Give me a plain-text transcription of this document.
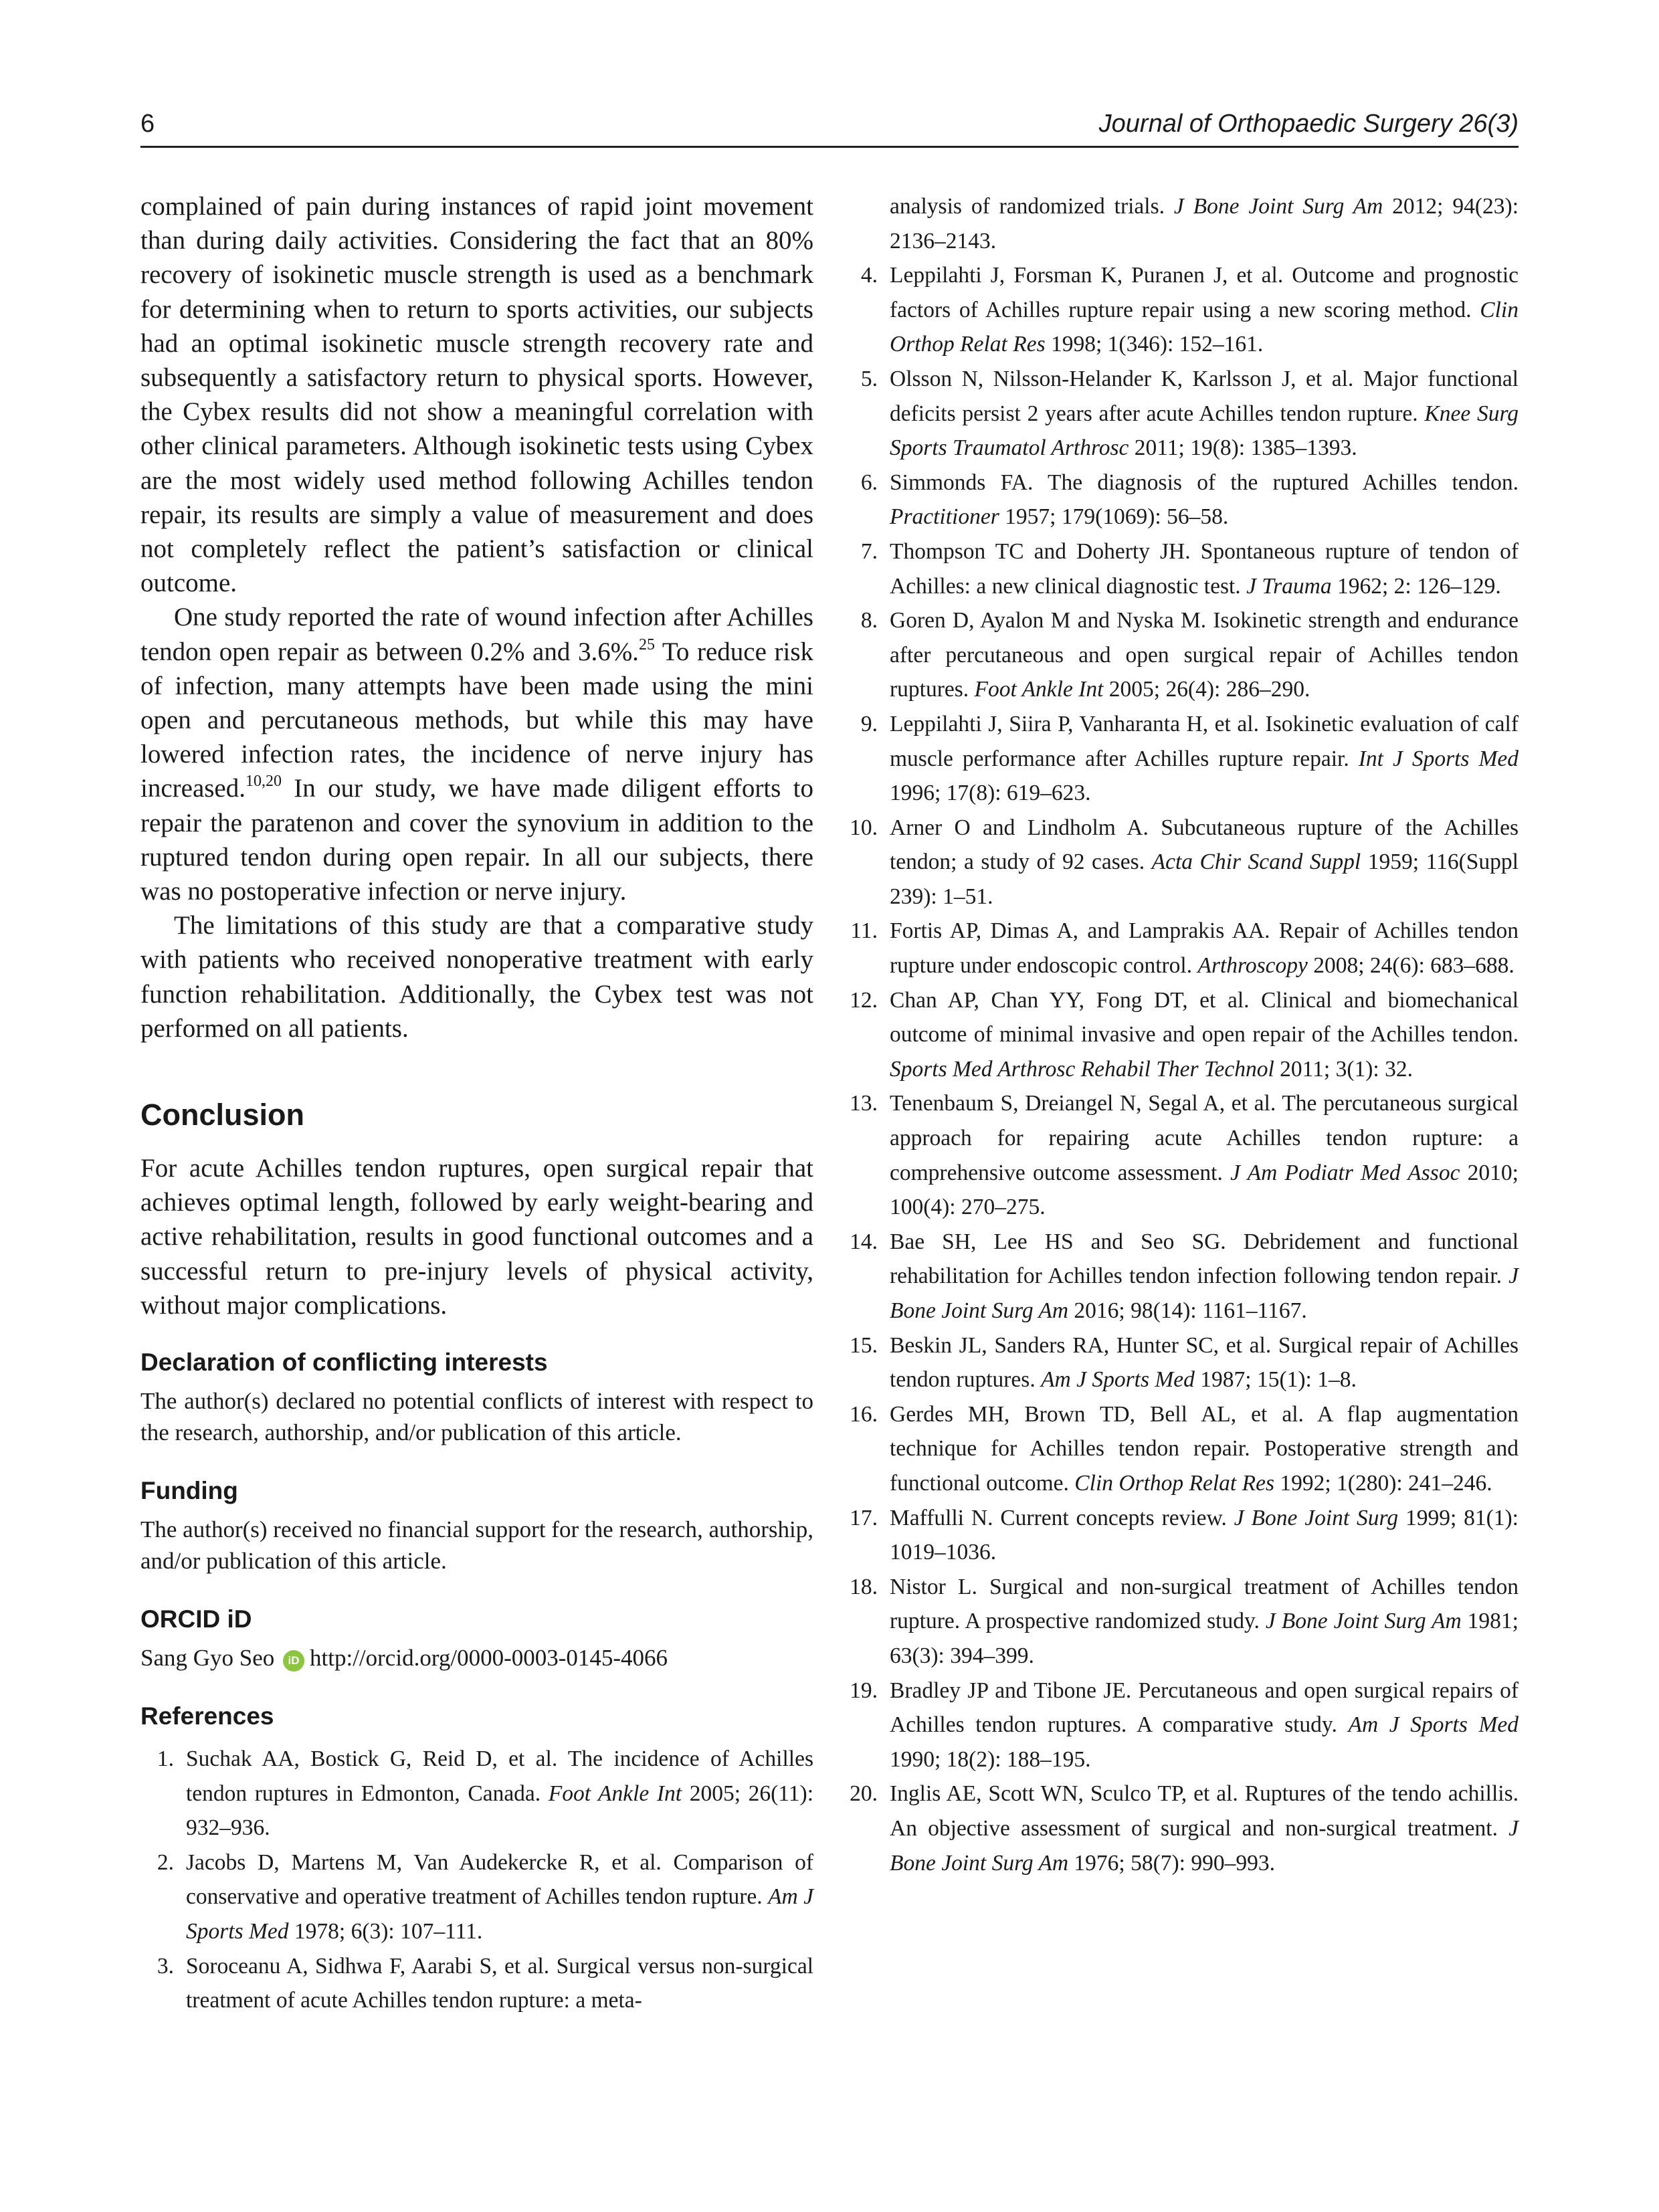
6	Journal of Orthopaedic Surgery 26(3)

complained of pain during instances of rapid joint movement than during daily activities. Considering the fact that an 80% recovery of isokinetic muscle strength is used as a benchmark for determining when to return to sports activities, our subjects had an optimal isokinetic muscle strength recovery rate and subsequently a satisfactory return to physical sports. However, the Cybex results did not show a meaningful correlation with other clinical parameters. Although isokinetic tests using Cybex are the most widely used method following Achilles tendon repair, its results are simply a value of measurement and does not completely reflect the patient’s satisfaction or clinical outcome.

One study reported the rate of wound infection after Achilles tendon open repair as between 0.2% and 3.6%.$^{25}$ To reduce risk of infection, many attempts have been made using the mini open and percutaneous methods, but while this may have lowered infection rates, the incidence of nerve injury has increased.$^{10,20}$ In our study, we have made diligent efforts to repair the paratenon and cover the synovium in addition to the ruptured tendon during open repair. In all our subjects, there was no postoperative infection or nerve injury.

The limitations of this study are that a comparative study with patients who received nonoperative treatment with early function rehabilitation. Additionally, the Cybex test was not performed on all patients.

Conclusion

For acute Achilles tendon ruptures, open surgical repair that achieves optimal length, followed by early weight-bearing and active rehabilitation, results in good functional outcomes and a successful return to pre-injury levels of physical activity, without major complications.

Declaration of conflicting interests

The author(s) declared no potential conflicts of interest with respect to the research, authorship, and/or publication of this article.

Funding

The author(s) received no financial support for the research, authorship, and/or publication of this article.

ORCID iD

Sang Gyo Seo iD http://orcid.org/0000-0003-0145-4066

References
1. Suchak AA, Bostick G, Reid D, et al. The incidence of Achilles tendon ruptures in Edmonton, Canada. Foot Ankle Int 2005; 26(11): 932–936.
2. Jacobs D, Martens M, Van Audekercke R, et al. Comparison of conservative and operative treatment of Achilles tendon rupture. Am J Sports Med 1978; 6(3): 107–111.
3. Soroceanu A, Sidhwa F, Aarabi S, et al. Surgical versus non-surgical treatment of acute Achilles tendon rupture: a meta-

analysis of randomized trials. J Bone Joint Surg Am 2012; 94(23): 2136–2143.

4. Leppilahti J, Forsman K, Puranen J, et al. Outcome and prognostic factors of Achilles rupture repair using a new scoring method. Clin Orthop Relat Res 1998; 1(346): 152–161.
5. Olsson N, Nilsson-Helander K, Karlsson J, et al. Major functional deficits persist 2 years after acute Achilles tendon rupture. Knee Surg Sports Traumatol Arthrosc 2011; 19(8): 1385–1393.
6. Simmonds FA. The diagnosis of the ruptured Achilles tendon. Practitioner 1957; 179(1069): 56–58.
7. Thompson TC and Doherty JH. Spontaneous rupture of tendon of Achilles: a new clinical diagnostic test. J Trauma 1962; 2: 126–129.
8. Goren D, Ayalon M and Nyska M. Isokinetic strength and endurance after percutaneous and open surgical repair of Achilles tendon ruptures. Foot Ankle Int 2005; 26(4): 286–290.
9. Leppilahti J, Siira P, Vanharanta H, et al. Isokinetic evaluation of calf muscle performance after Achilles rupture repair. Int J Sports Med 1996; 17(8): 619–623.
10. Arner O and Lindholm A. Subcutaneous rupture of the Achilles tendon; a study of 92 cases. Acta Chir Scand Suppl 1959; 116(Suppl 239): 1–51.
11. Fortis AP, Dimas A, and Lamprakis AA. Repair of Achilles tendon rupture under endoscopic control. Arthroscopy 2008; 24(6): 683–688.
12. Chan AP, Chan YY, Fong DT, et al. Clinical and biomechanical outcome of minimal invasive and open repair of the Achilles tendon. Sports Med Arthrosc Rehabil Ther Technol 2011; 3(1): 32.
13. Tenenbaum S, Dreiangel N, Segal A, et al. The percutaneous surgical approach for repairing acute Achilles tendon rupture: a comprehensive outcome assessment. J Am Podiatr Med Assoc 2010; 100(4): 270–275.
14. Bae SH, Lee HS and Seo SG. Debridement and functional rehabilitation for Achilles tendon infection following tendon repair. J Bone Joint Surg Am 2016; 98(14): 1161–1167.
15. Beskin JL, Sanders RA, Hunter SC, et al. Surgical repair of Achilles tendon ruptures. Am J Sports Med 1987; 15(1): 1–8.
16. Gerdes MH, Brown TD, Bell AL, et al. A flap augmentation technique for Achilles tendon repair. Postoperative strength and functional outcome. Clin Orthop Relat Res 1992; 1(280): 241–246.
17. Maffulli N. Current concepts review. J Bone Joint Surg 1999; 81(1): 1019–1036.
18. Nistor L. Surgical and non-surgical treatment of Achilles tendon rupture. A prospective randomized study. J Bone Joint Surg Am 1981; 63(3): 394–399.
19. Bradley JP and Tibone JE. Percutaneous and open surgical repairs of Achilles tendon ruptures. A comparative study. Am J Sports Med 1990; 18(2): 188–195.
20. Inglis AE, Scott WN, Sculco TP, et al. Ruptures of the tendo achillis. An objective assessment of surgical and non-surgical treatment. J Bone Joint Surg Am 1976; 58(7): 990–993.
